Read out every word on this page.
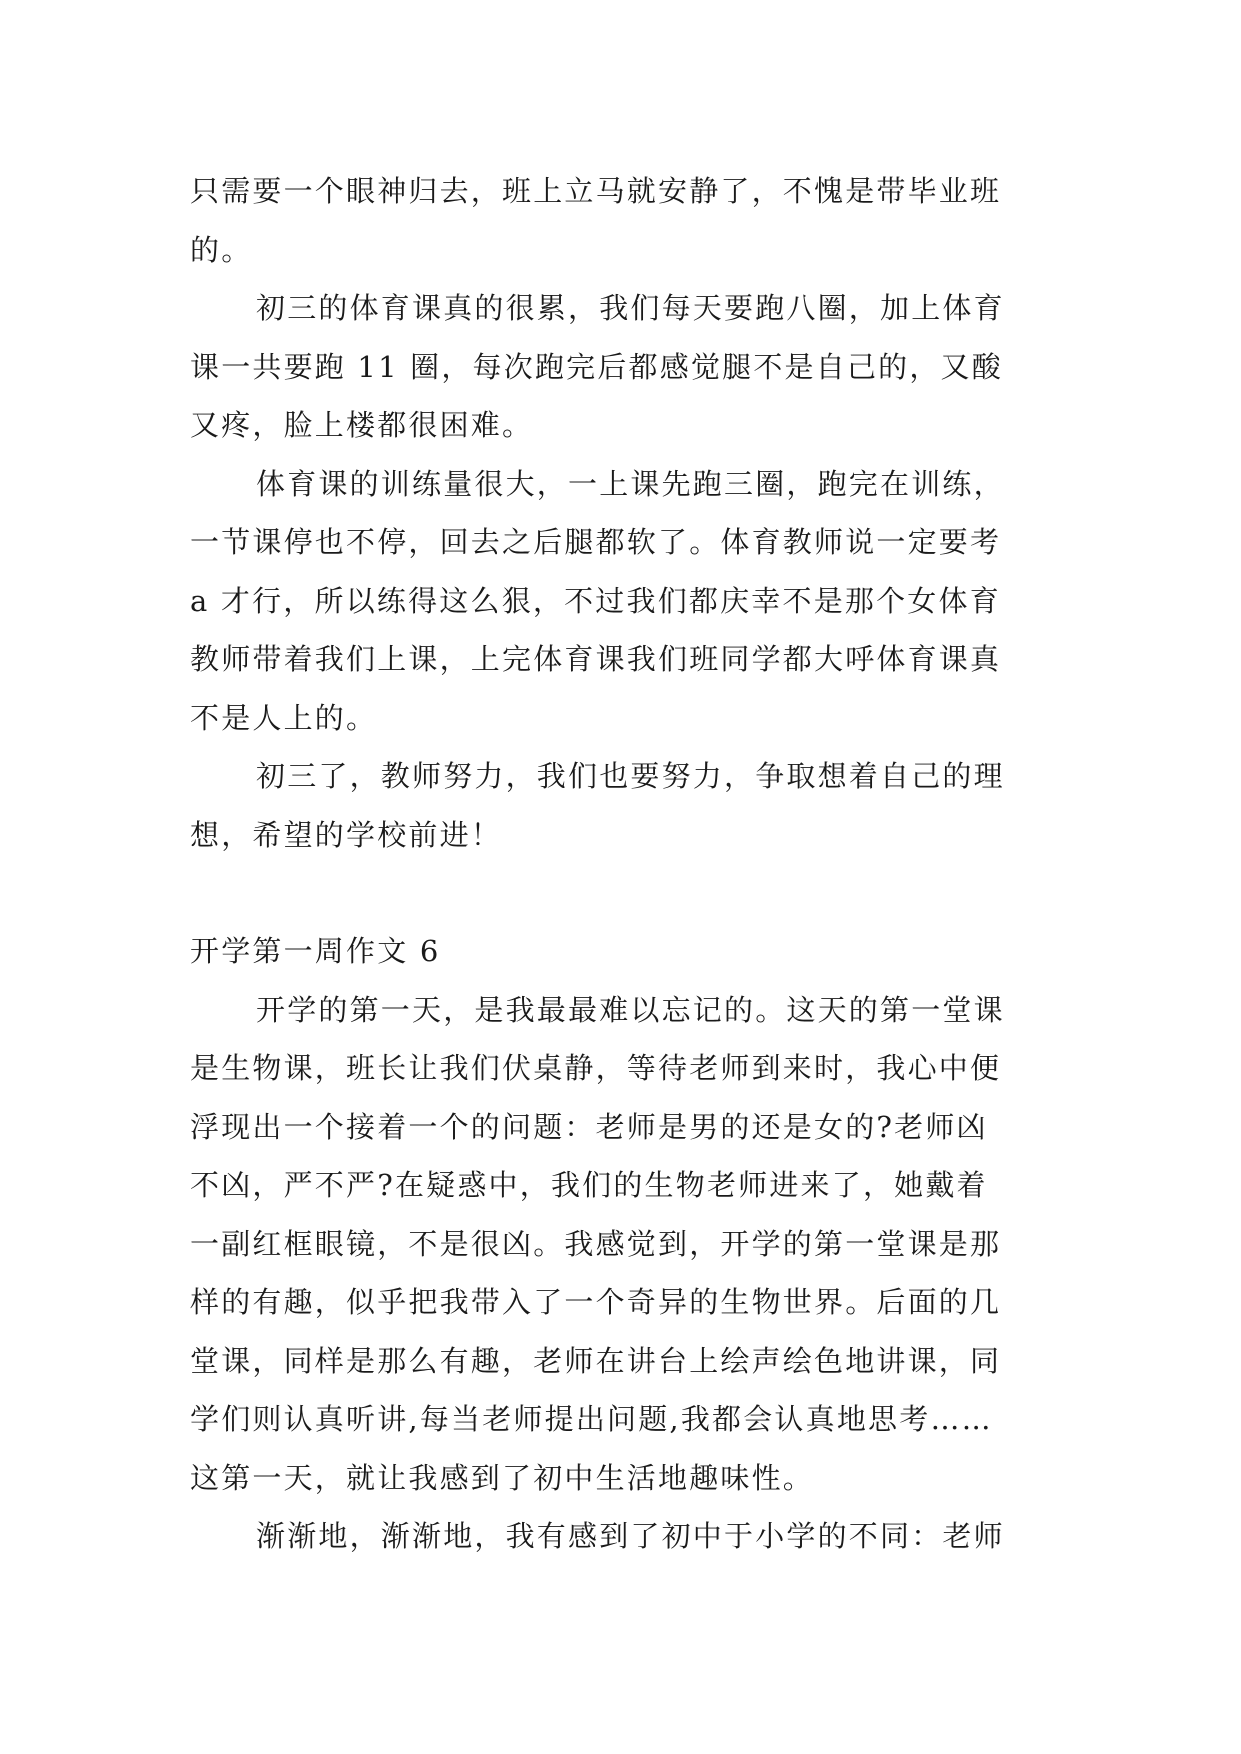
只需要一个眼神归去，班上立马就安静了，不愧是带毕业班
的。
初三的体育课真的很累，我们每天要跑八圈，加上体育
课一共要跑 11 圈，每次跑完后都感觉腿不是自己的，又酸
又疼，脸上楼都很困难。
体育课的训练量很大，一上课先跑三圈，跑完在训练，
一节课停也不停，回去之后腿都软了。体育教师说一定要考
a 才行，所以练得这么狠，不过我们都庆幸不是那个女体育
教师带着我们上课，上完体育课我们班同学都大呼体育课真
不是人上的。
初三了，教师努力，我们也要努力，争取想着自己的理
想，希望的学校前进！
开学第一周作文 6
开学的第一天，是我最最难以忘记的。这天的第一堂课
是生物课，班长让我们伏桌静，等待老师到来时，我心中便
浮现出一个接着一个的问题：老师是男的还是女的?老师凶
不凶，严不严?在疑惑中，我们的生物老师进来了，她戴着
一副红框眼镜，不是很凶。我感觉到，开学的第一堂课是那
样的有趣，似乎把我带入了一个奇异的生物世界。后面的几
堂课，同样是那么有趣，老师在讲台上绘声绘色地讲课，同
学们则认真听讲,每当老师提出问题,我都会认真地思考……
这第一天，就让我感到了初中生活地趣味性。
渐渐地，渐渐地，我有感到了初中于小学的不同：老师
